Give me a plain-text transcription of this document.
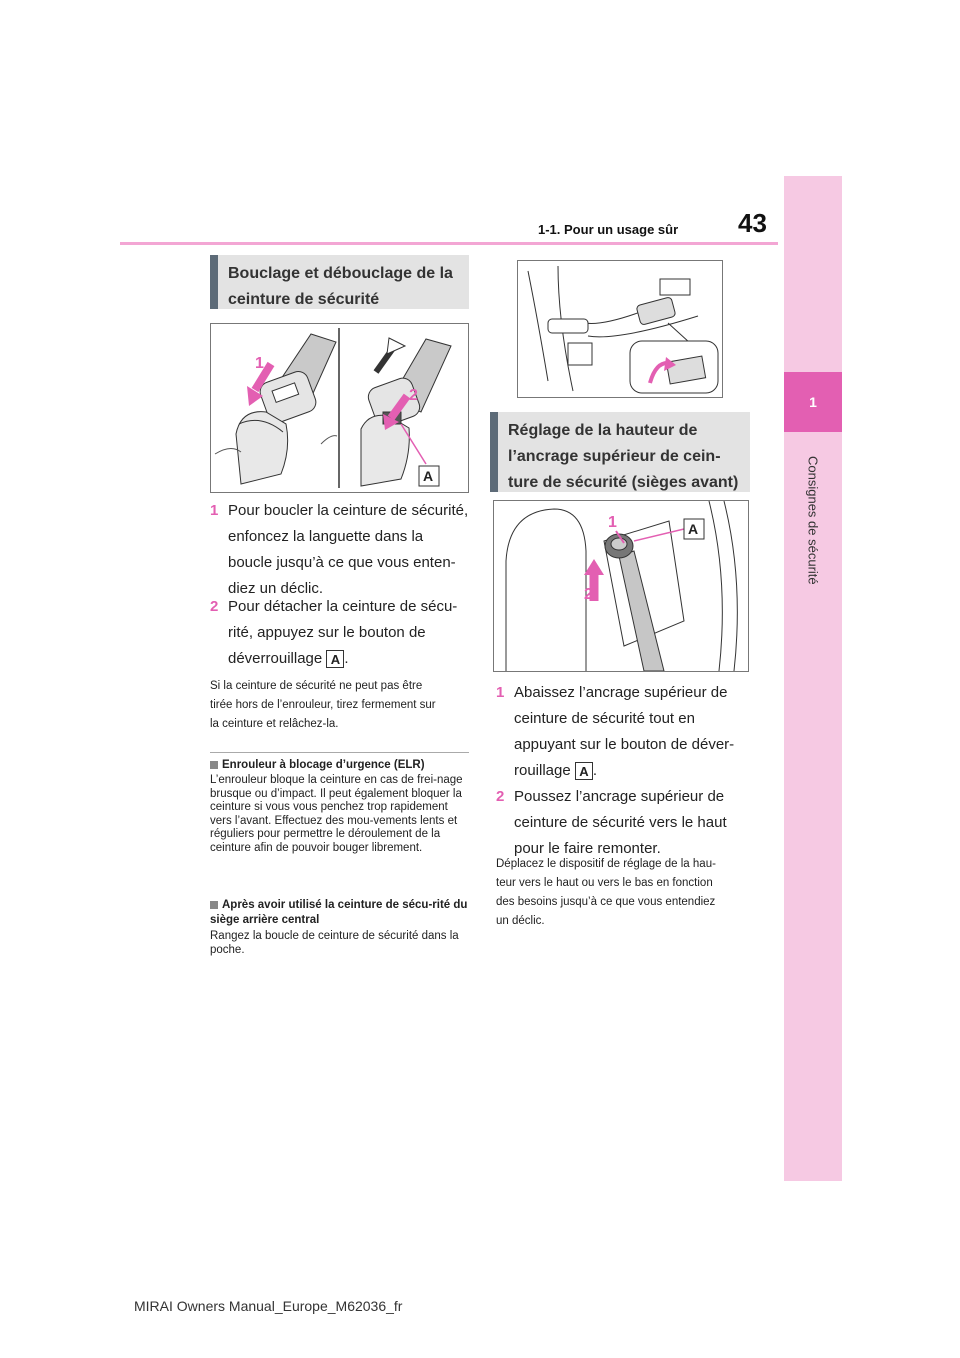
43
1-1. Pour un usage sûr
1
Consignes de sécurité
Bouclage et débouclage de la ceinture de sécurité
1
2
A
1 Pour boucler la ceinture de sécurité,
enfoncez la languette dans la
boucle jusqu’à ce que vous enten-
diez un déclic.
2 Pour détacher la ceinture de sécu-
rité, appuyez sur le bouton de
déverrouillage A .
Si la ceinture de sécurité ne peut pas être
tirée hors de l’enrouleur, tirez fermement sur
la ceinture et relâchez-la.
Enrouleur à blocage d’urgence (ELR)
L’enrouleur bloque la ceinture en cas de frei-nage brusque ou d’impact. Il peut également bloquer la ceinture si vous vous penchez trop rapidement vers l’avant. Effectuez des mou-vements lents et réguliers pour permettre le déroulement de la ceinture afin de pouvoir bouger librement.
Après avoir utilisé la ceinture de sécu-rité du siège arrière central
Rangez la boucle de ceinture de sécurité dans la poche.
Réglage de la hauteur de l’ancrage supérieur de cein-ture de sécurité (sièges avant)
2
1	A
1 Abaissez l’ancrage supérieur de
ceinture de sécurité tout en
appuyant sur le bouton de déver-
rouillage A .
2 Poussez l’ancrage supérieur de
ceinture de sécurité vers le haut
pour le faire remonter.
Déplacez le dispositif de réglage de la hau-
teur vers le haut ou vers le bas en fonction
des besoins jusqu’à ce que vous entendiez
un déclic.
MIRAI Owners Manual_Europe_M62036_fr
